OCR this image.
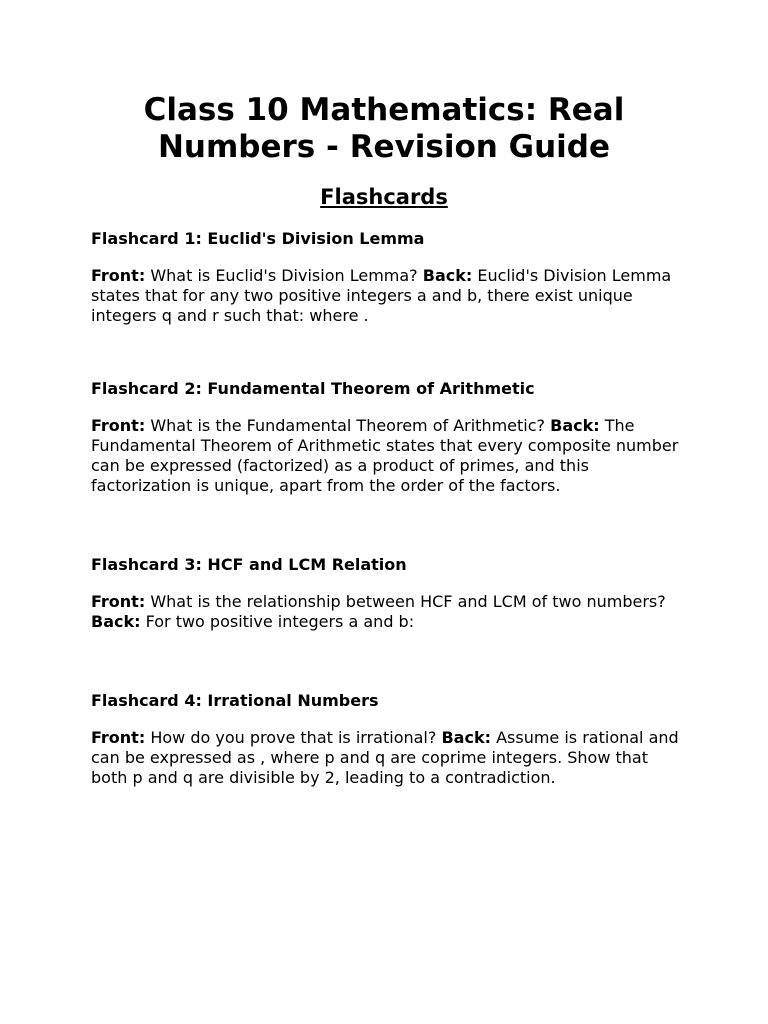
Class 10 Mathematics: Real Numbers - Revision Guide
Flashcards
Flashcard 1: Euclid's Division Lemma

Front: What is Euclid's Division Lemma? Back: Euclid's Division Lemma states that for any two positive integers a and b, there exist unique integers q and r such that: where .

Flashcard 2: Fundamental Theorem of Arithmetic

Front: What is the Fundamental Theorem of Arithmetic? Back: The Fundamental Theorem of Arithmetic states that every composite number can be expressed (factorized) as a product of primes, and this factorization is unique, apart from the order of the factors.

Flashcard 3: HCF and LCM Relation

Front: What is the relationship between HCF and LCM of two numbers? Back: For two positive integers a and b:

Flashcard 4: Irrational Numbers

Front: How do you prove that is irrational? Back: Assume is rational and can be expressed as , where p and q are coprime integers. Show that both p and q are divisible by 2, leading to a contradiction.
